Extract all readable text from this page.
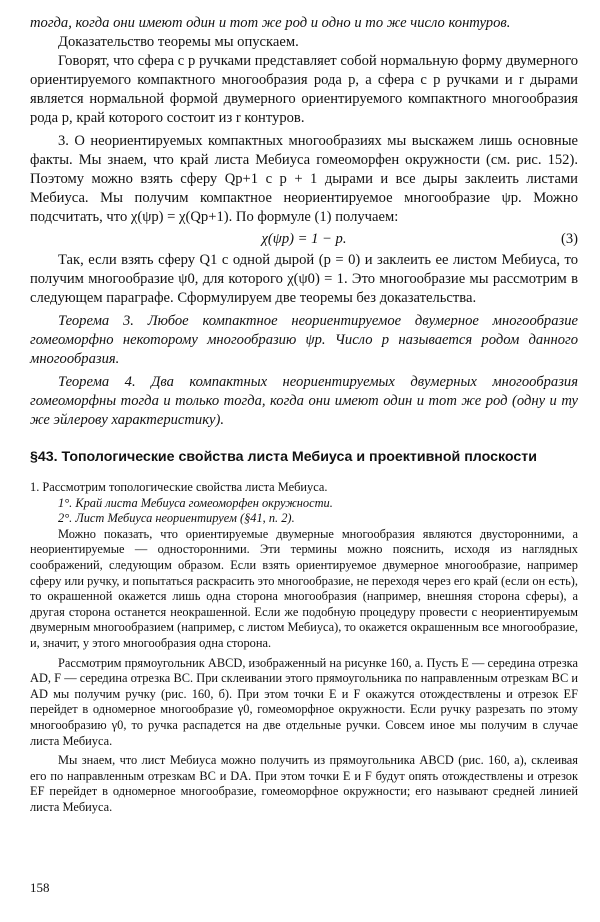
тогда, когда они имеют один и тот же род и одно и то же число контуров.

Доказательство теоремы мы опускаем.

Говорят, что сфера с p ручками представляет собой нормальную форму двумерного ориентируемого компактного многообразия рода p, а сфера с p ручками и r дырами является нормальной формой двумерного ориентируемого компактного многообразия рода p, край которого состоит из r контуров.

3. О неориентируемых компактных многообразиях мы выскажем лишь основные факты. Мы знаем, что край листа Мебиуса гомеоморфен окружности (см. рис. 152). Поэтому можно взять сферу Qp+1 с p + 1 дырами и все дыры заклеить листами Мебиуса. Мы получим компактное неориентируемое многообразие ψp. Можно подсчитать, что χ(ψp) = χ(Qp+1). По формуле (1) получаем:

χ(ψp) = 1 − p.	(3)

Так, если взять сферу Q1 с одной дырой (p = 0) и заклеить ее листом Мебиуса, то получим многообразие ψ0, для которого χ(ψ0) = 1. Это многообразие мы рассмотрим в следующем параграфе. Сформулируем две теоремы без доказательства.

Теорема 3. Любое компактное неориентируемое двумерное многообразие гомеоморфно некоторому многообразию ψp. Число p называется родом данного многообразия.

Теорема 4. Два компактных неориентируемых двумерных многообразия гомеоморфны тогда и только тогда, когда они имеют один и тот же род (одну и ту же эйлерову характеристику).

§43. Топологические свойства листа Мебиуса и проективной плоскости

1. Рассмотрим топологические свойства листа Мебиуса.

1°. Край листа Мебиуса гомеоморфен окружности.

2°. Лист Мебиуса неориентируем (§41, п. 2).

Можно показать, что ориентируемые двумерные многообразия являются двусторонними, а неориентируемые — односторонними. Эти термины можно пояснить, исходя из наглядных соображений, следующим образом. Если взять ориентируемое двумерное многообразие, например сферу или ручку, и попытаться раскрасить это многообразие, не переходя через его край (если он есть), то окрашенной окажется лишь одна сторона многообразия (например, внешняя сторона сферы), а другая сторона останется неокрашенной. Если же подобную процедуру провести с неориентируемым двумерным многообразием (например, с листом Мебиуса), то окажется окрашенным все многообразие, и, значит, у этого многообразия одна сторона.

Рассмотрим прямоугольник ABCD, изображенный на рисунке 160, а. Пусть E — середина отрезка AD, F — середина отрезка BC. При склеивании этого прямоугольника по направленным отрезкам BC и AD мы получим ручку (рис. 160, б). При этом точки E и F окажутся отождествлены и отрезок EF перейдет в одномерное многообразие γ0, гомеоморфное окружности. Если ручку разрезать по этому многообразию γ0, то ручка распадется на две отдельные ручки. Совсем иное мы получим в случае листа Мебиуса.

Мы знаем, что лист Мебиуса можно получить из прямоугольника ABCD (рис. 160, а), склеивая его по направленным отрезкам BC и DA. При этом точки E и F будут опять отождествлены и отрезок EF перейдет в одномерное многообразие, гомеоморфное окружности; его называют средней линией листа Мебиуса.

158
